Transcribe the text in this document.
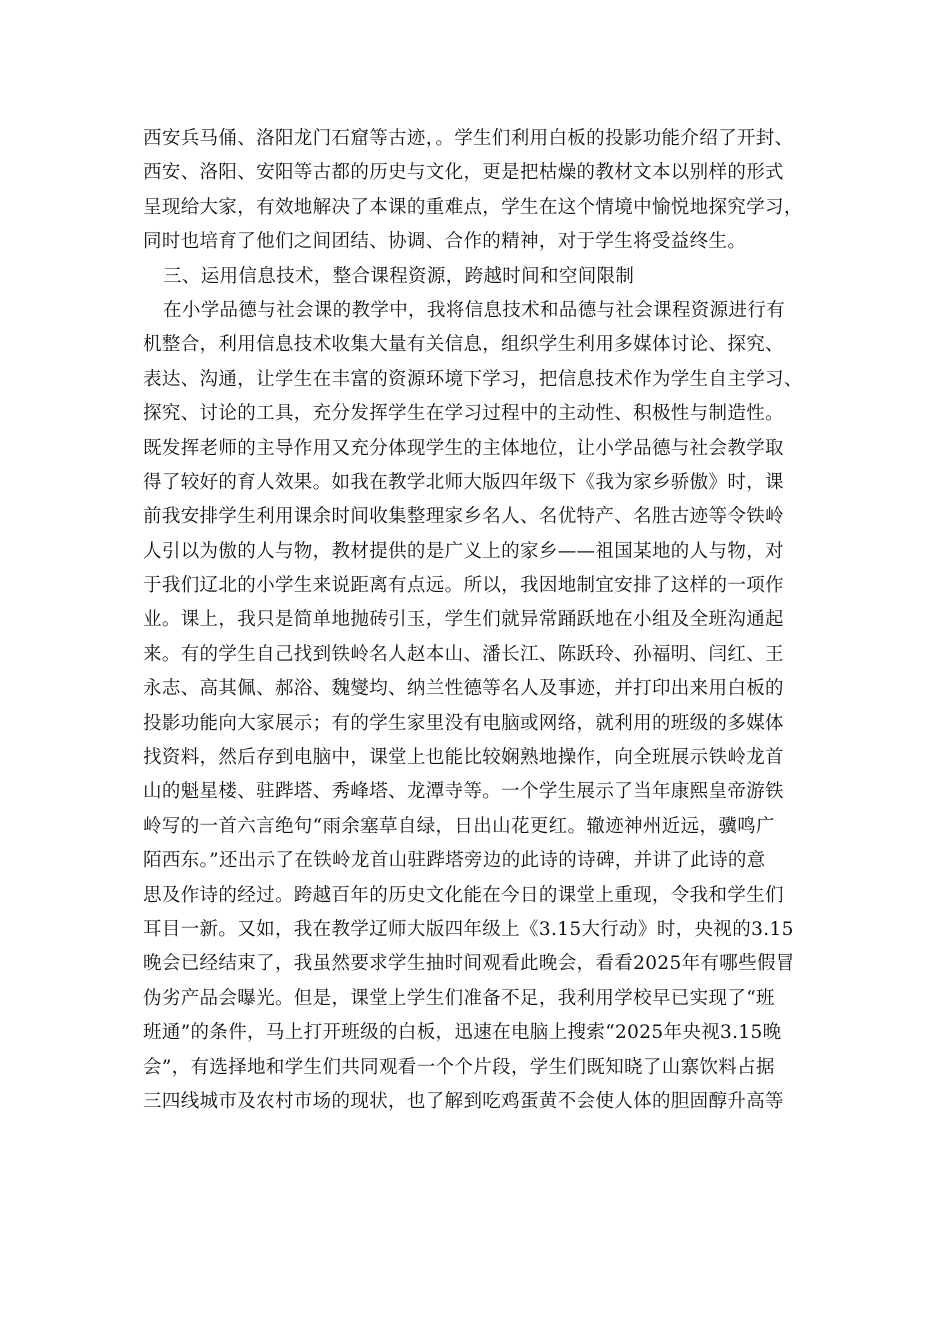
西安兵马俑、洛阳龙门石窟等古迹，。学生们利用白板的投影功能介绍了开封、
西安、洛阳、安阳等古都的历史与文化，更是把枯燥的教材文本以别样的形式
呈现给大家，有效地解决了本课的重难点，学生在这个情境中愉悦地探究学习，
同时也培育了他们之间团结、协调、合作的精神，对于学生将受益终生。
三、运用信息技术，整合课程资源，跨越时间和空间限制
在小学品德与社会课的教学中，我将信息技术和品德与社会课程资源进行有
机整合，利用信息技术收集大量有关信息，组织学生利用多媒体讨论、探究、
表达、沟通，让学生在丰富的资源环境下学习，把信息技术作为学生自主学习、
探究、讨论的工具，充分发挥学生在学习过程中的主动性、积极性与制造性。
既发挥老师的主导作用又充分体现学生的主体地位，让小学品德与社会教学取
得了较好的育人效果。如我在教学北师大版四年级下《我为家乡骄傲》时，课
前我安排学生利用课余时间收集整理家乡名人、名优特产、名胜古迹等令铁岭
人引以为傲的人与物，教材提供的是广义上的家乡——祖国某地的人与物，对
于我们辽北的小学生来说距离有点远。所以，我因地制宜安排了这样的一项作
业。课上，我只是简单地抛砖引玉，学生们就异常踊跃地在小组及全班沟通起
来。有的学生自己找到铁岭名人赵本山、潘长江、陈跃玲、孙福明、闫红、王
永志、高其佩、郝浴、魏燮均、纳兰性德等名人及事迹，并打印出来用白板的
投影功能向大家展示；有的学生家里没有电脑或网络，就利用的班级的多媒体
找资料，然后存到电脑中，课堂上也能比较娴熟地操作，向全班展示铁岭龙首
山的魁星楼、驻跸塔、秀峰塔、龙潭寺等。一个学生展示了当年康熙皇帝游铁
岭写的一首六言绝句“雨余塞草自绿，日出山花更红。辙迹神州近远，骥鸣广
陌西东。”还出示了在铁岭龙首山驻跸塔旁边的此诗的诗碑，并讲了此诗的意
思及作诗的经过。跨越百年的历史文化能在今日的课堂上重现，令我和学生们
耳目一新。又如，我在教学辽师大版四年级上《3.15大行动》时，央视的3.15
晚会已经结束了，我虽然要求学生抽时间观看此晚会，看看2025年有哪些假冒
伪劣产品会曝光。但是，课堂上学生们准备不足，我利用学校早已实现了“班
班通”的条件，马上打开班级的白板，迅速在电脑上搜索“2025年央视3.15晚
会”，有选择地和学生们共同观看一个个片段，学生们既知晓了山寨饮料占据
三四线城市及农村市场的现状，也了解到吃鸡蛋黄不会使人体的胆固醇升高等
